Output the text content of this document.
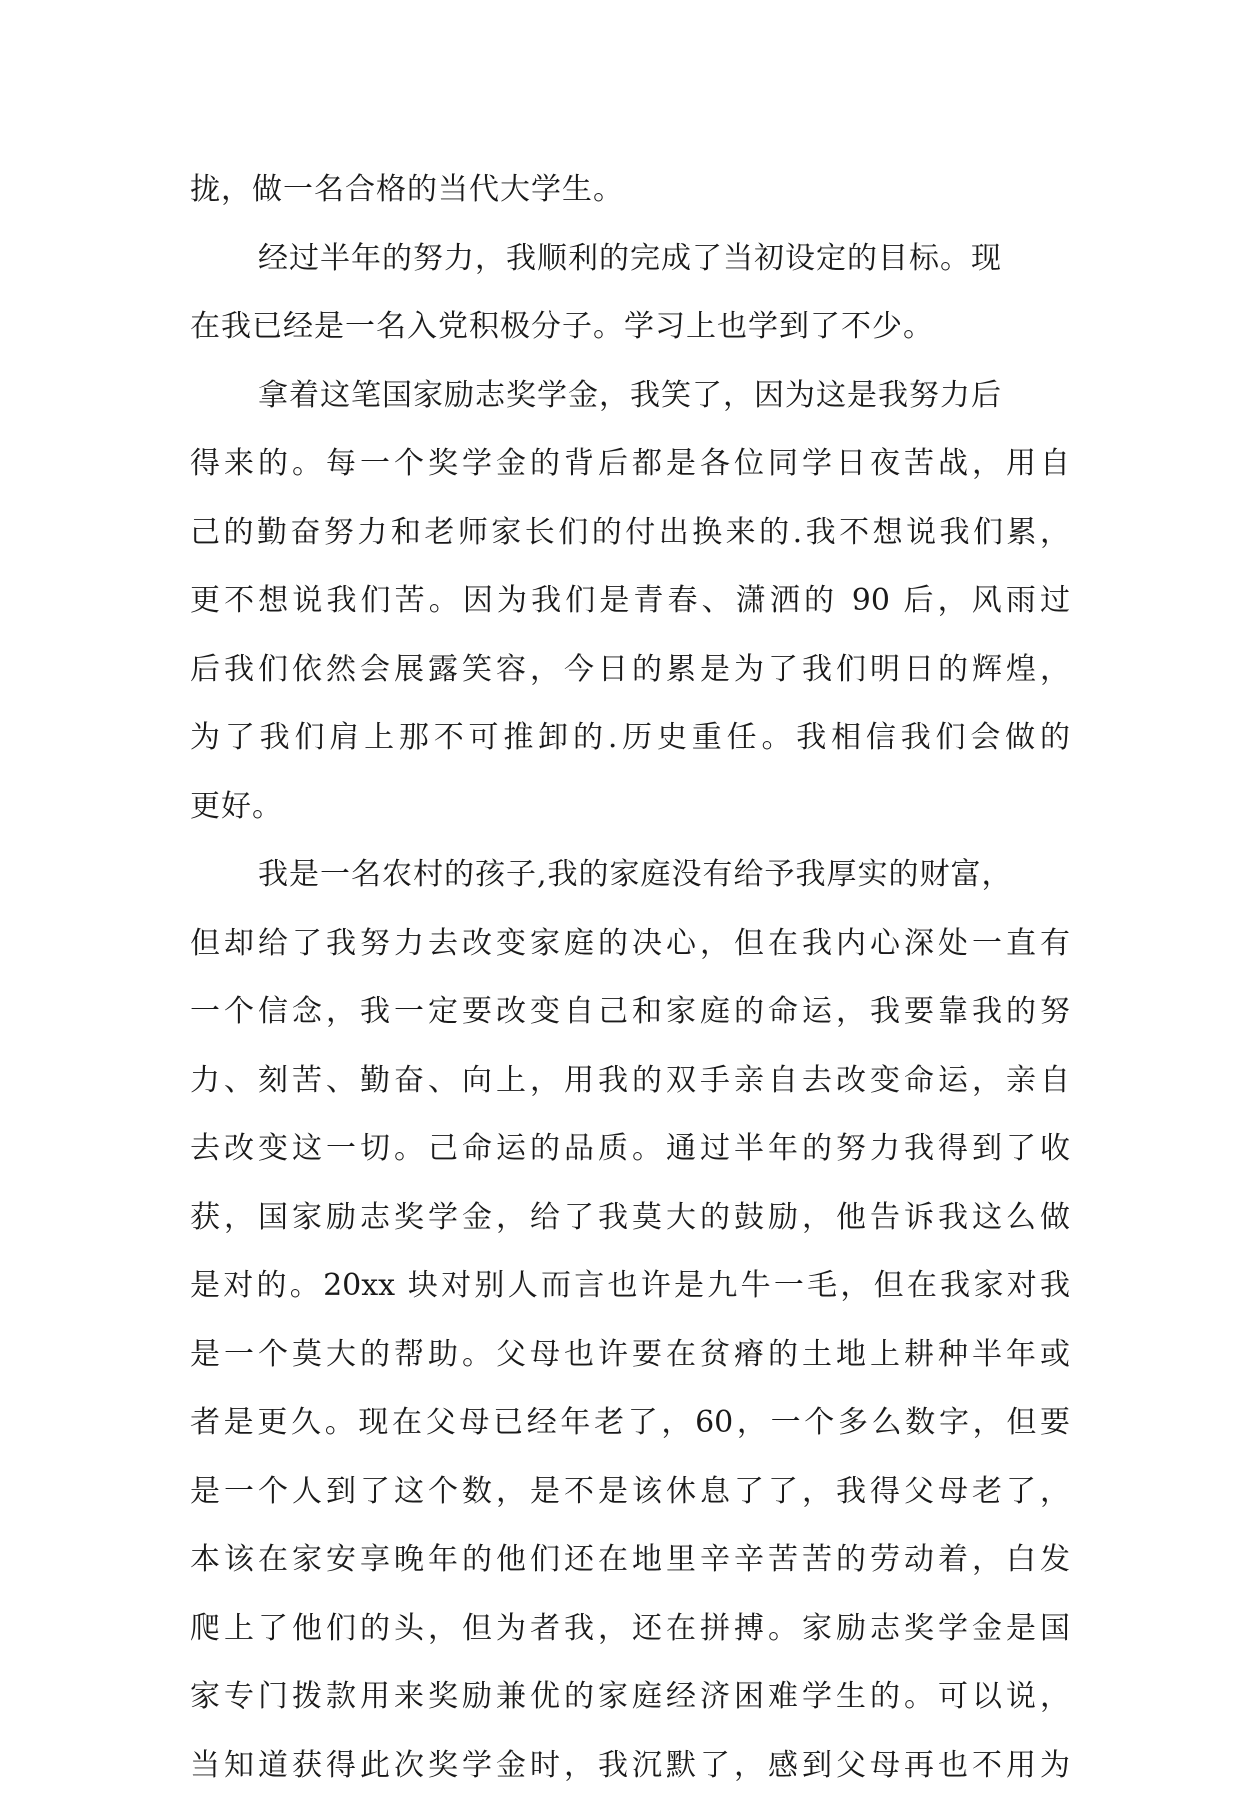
拢，做一名合格的当代大学生。
经过半年的努力，我顺利的完成了当初设定的目标。现
在我已经是一名入党积极分子。学习上也学到了不少。
拿着这笔国家励志奖学金，我笑了，因为这是我努力后
得来的。每一个奖学金的背后都是各位同学日夜苦战，用自
己的勤奋努力和老师家长们的付出换来的.我不想说我们累，
更不想说我们苦。因为我们是青春、潇洒的 90 后，风雨过
后我们依然会展露笑容，今日的累是为了我们明日的辉煌，
为了我们肩上那不可推卸的.历史重任。我相信我们会做的
更好。
我是一名农村的孩子,我的家庭没有给予我厚实的财富，
但却给了我努力去改变家庭的决心，但在我内心深处一直有
一个信念，我一定要改变自己和家庭的命运，我要靠我的努
力、刻苦、勤奋、向上，用我的双手亲自去改变命运，亲自
去改变这一切。己命运的品质。通过半年的努力我得到了收
获，国家励志奖学金，给了我莫大的鼓励，他告诉我这么做
是对的。20xx 块对别人而言也许是九牛一毛，但在我家对我
是一个莫大的帮助。父母也许要在贫瘠的土地上耕种半年或
者是更久。现在父母已经年老了，60，一个多么数字，但要
是一个人到了这个数，是不是该休息了了，我得父母老了，
本该在家安享晚年的他们还在地里辛辛苦苦的劳动着，白发
爬上了他们的头，但为者我，还在拼搏。家励志奖学金是国
家专门拨款用来奖励兼优的家庭经济困难学生的。可以说，
当知道获得此次奖学金时，我沉默了，感到父母再也不用为
